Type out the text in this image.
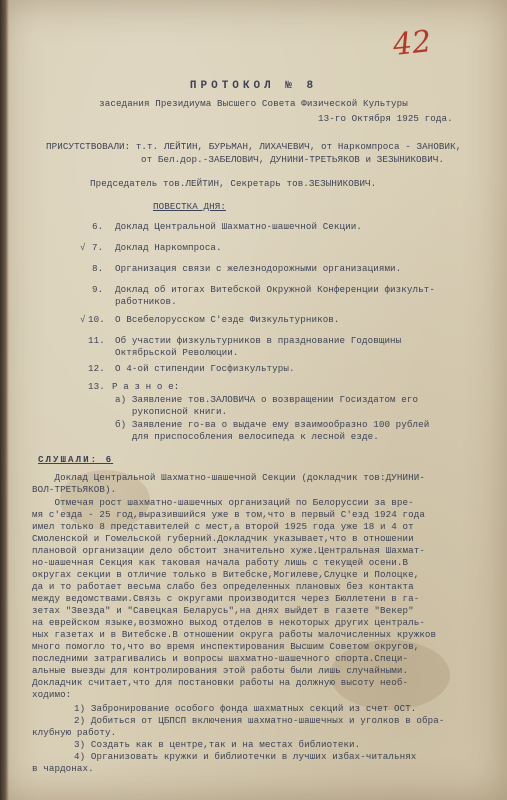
42
ПРОТОКОЛ № 8
заседания Президиума Высшего Совета Физической Культуры
13-го Октября 1925 года.
ПРИСУТСТВОВАЛИ: т.т. ЛЕЙТИН, БУРЬМАН, ЛИХАЧЕВИЧ, от Наркомпроса - ЗАНОВИК,
от Бел.дор.-ЗАБЕЛОВИЧ, ДУНИНИ-ТРЕТЬЯКОВ и ЗЕЗЫНИКОВИЧ.
Председатель тов.ЛЕЙТИН, Секретарь тов.ЗЕЗЫНИКОВИЧ.
ПОВЕСТКА ДНЯ:
6. Доклад Центральной Шахматно-шашечной Секции.
√ 7. Доклад Наркомпроса.
8. Организация связи с железнодорожными организациями.
9. Доклад об итогах Витебской Окружной Конференции физкульт-
работников.
√ 10. О Всебелорусском С'езде Физкультурников.
11. Об участии физкультурников в празднование Годовщины
Октябрьской Революции.
12. О 4-ой стипендии Госфизкультуры.
13. Р а з н о е:
а) Заявление тов.ЗАЛОВИЧА о возвращении Госиздатом его
рукописной книги.
б) Заявление го-ва о выдаче ему взаимообразно 100 рублей
для приспособления велосипеда к лесной езде.
СЛУШАЛИ: 6
Доклад Центральной Шахматно-шашечной Секции (докладчик тов:ДУНИНИ-
ВОЛ-ТРЕТЬЯКОВ).
Отмечая рост шахматно-шашечных организаций по Белоруссии за вре-
мя с'езда - 25 год,выразившийся уже в том,что в первый С'езд 1924 года
имел только 8 представителей с мест,а второй 1925 года уже 18 и 4 от
Смоленской и Гомельской губерний.Докладчик указывает,что в отношении
плановой организации дело обстоит значительно хуже.Центральная Шахмат-
но-шашечная Секция как таковая начала работу лишь с текущей осени.В
округах секции в отличие только в Витебске,Могилеве,Слуцке и Полоцке,
да и то работает весьма слабо без определенных плановых без контакта
между ведомствами.Связь с округами производится через Бюллетени в га-
зетах "Звезда" и "Савецкая Беларусь",на днях выйдет в газете "Векер"
на еврейском языке,возможно выход отделов в некоторых других централь-
ных газетах и в Витебске.В отношении округа работы малочисленных кружков
много помогло то,что во время инспектирования Высшим Советом округов,
последними затрагивались и вопросы шахматно-шашечного спорта.Специ-
альные выезды для контролирования этой работы были лишь случайными.
Докладчик считает,что для постановки работы на должную высоту необ-
ходимо:
1) Забронирование особого фонда шахматных секций из счет ОСТ.
2) Добиться от ЦБПСП включения шахматно-шашечных и уголков в обра-
клубную работу.
3) Создать как в центре,так и на местах библиотеки.
4) Организовать кружки и библиотечки в лучших избах-читальнях
в чардонах.
